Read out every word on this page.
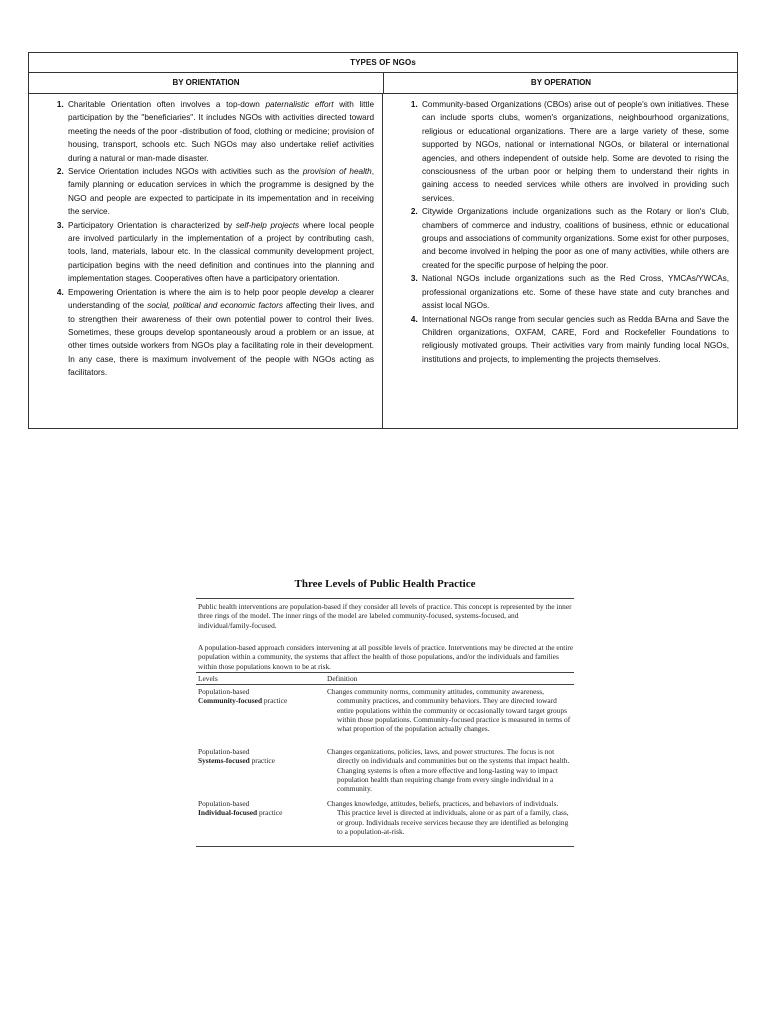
TYPES OF NGOs
BY ORIENTATION	BY OPERATION
1. Charitable Orientation often involves a top-down paternalistic effort with little participation by the "beneficiaries". It includes NGOs with activities directed toward meeting the needs of the poor -distribution of food, clothing or medicine; provision of housing, transport, schools etc. Such NGOs may also undertake relief activities during a natural or man-made disaster.
2. Service Orientation includes NGOs with activities such as the provision of health, family planning or education services in which the programme is designed by the NGO and people are expected to participate in its impementation and in receiving the service.
3. Participatory Orientation is characterized by self-help projects where local people are involved particularly in the implementation of a project by contributing cash, tools, land, materials, labour etc. In the classical community development project, participation begins with the need definition and continues into the planning and implementation stages. Cooperatives often have a participatory orientation.
4. Empowering Orientation is where the aim is to help poor people develop a clearer understanding of the social, political and economic factors affecting their lives, and to strengthen their awareness of their own potential power to control their lives. Sometimes, these groups develop spontaneously aroud a problem or an issue, at other times outside workers from NGOs play a facilitating role in their development. In any case, there is maximum involvement of the people with NGOs acting as facilitators.
1. Community-based Organizations (CBOs) arise out of people's own initiatives. These can include sports clubs, women's organizations, neighbourhood organizations, religious or educational organizations. There are a large variety of these, some supported by NGOs, national or international NGOs, or bilateral or international agencies, and others independent of outside help. Some are devoted to rising the consciousness of the urban poor or helping them to understand their rights in gaining access to needed services while others are involved in providing such services.
2. Citywide Organizations include organizations such as the Rotary or lion's Club, chambers of commerce and industry, coalitions of business, ethnic or educational groups and associations of community organizations. Some exist for other purposes, and become involved in helping the poor as one of many activities, while others are created for the specific purpose of helping the poor.
3. National NGOs include organizations such as the Red Cross, YMCAs/YWCAs, professional organizations etc. Some of these have state and cuty branches and assist local NGOs.
4. International NGOs range from secular gencies such as Redda BArna and Save the Children organizations, OXFAM, CARE, Ford and Rockefeller Foundations to religiously motivated groups. Their activities vary from mainly funding local NGOs, institutions and projects, to implementing the projects themselves.
Three Levels of Public Health Practice
Public health interventions are population-based if they consider all levels of practice. This concept is represented by the inner three rings of the model. The inner rings of the model are labeled community-focused, systems-focused, and individual/family-focused.
A population-based approach considers intervening at all possible levels of practice. Interventions may be directed at the entire population within a community, the systems that affect the health of those populations, and/or the individuals and families within those populations known to be at risk.
Levels	Definition
Population-based
Community-focused practice
Changes community norms, community attitudes, community awareness, community practices, and community behaviors. They are directed toward entire populations within the community or occasionally toward target groups within those populations. Community-focused practice is measured in terms of what proportion of the population actually changes.
Population-based
Systems-focused practice
Changes organizations, policies, laws, and power structures. The focus is not directly on individuals and communities but on the systems that impact health. Changing systems is often a more effective and long-lasting way to impact population health than requiring change from every single individual in a community.
Population-based
Individual-focused practice
Changes knowledge, attitudes, beliefs, practices, and behaviors of individuals. This practice level is directed at individuals, alone or as part of a family, class, or group. Individuals receive services because they are identified as belonging to a population-at-risk.
